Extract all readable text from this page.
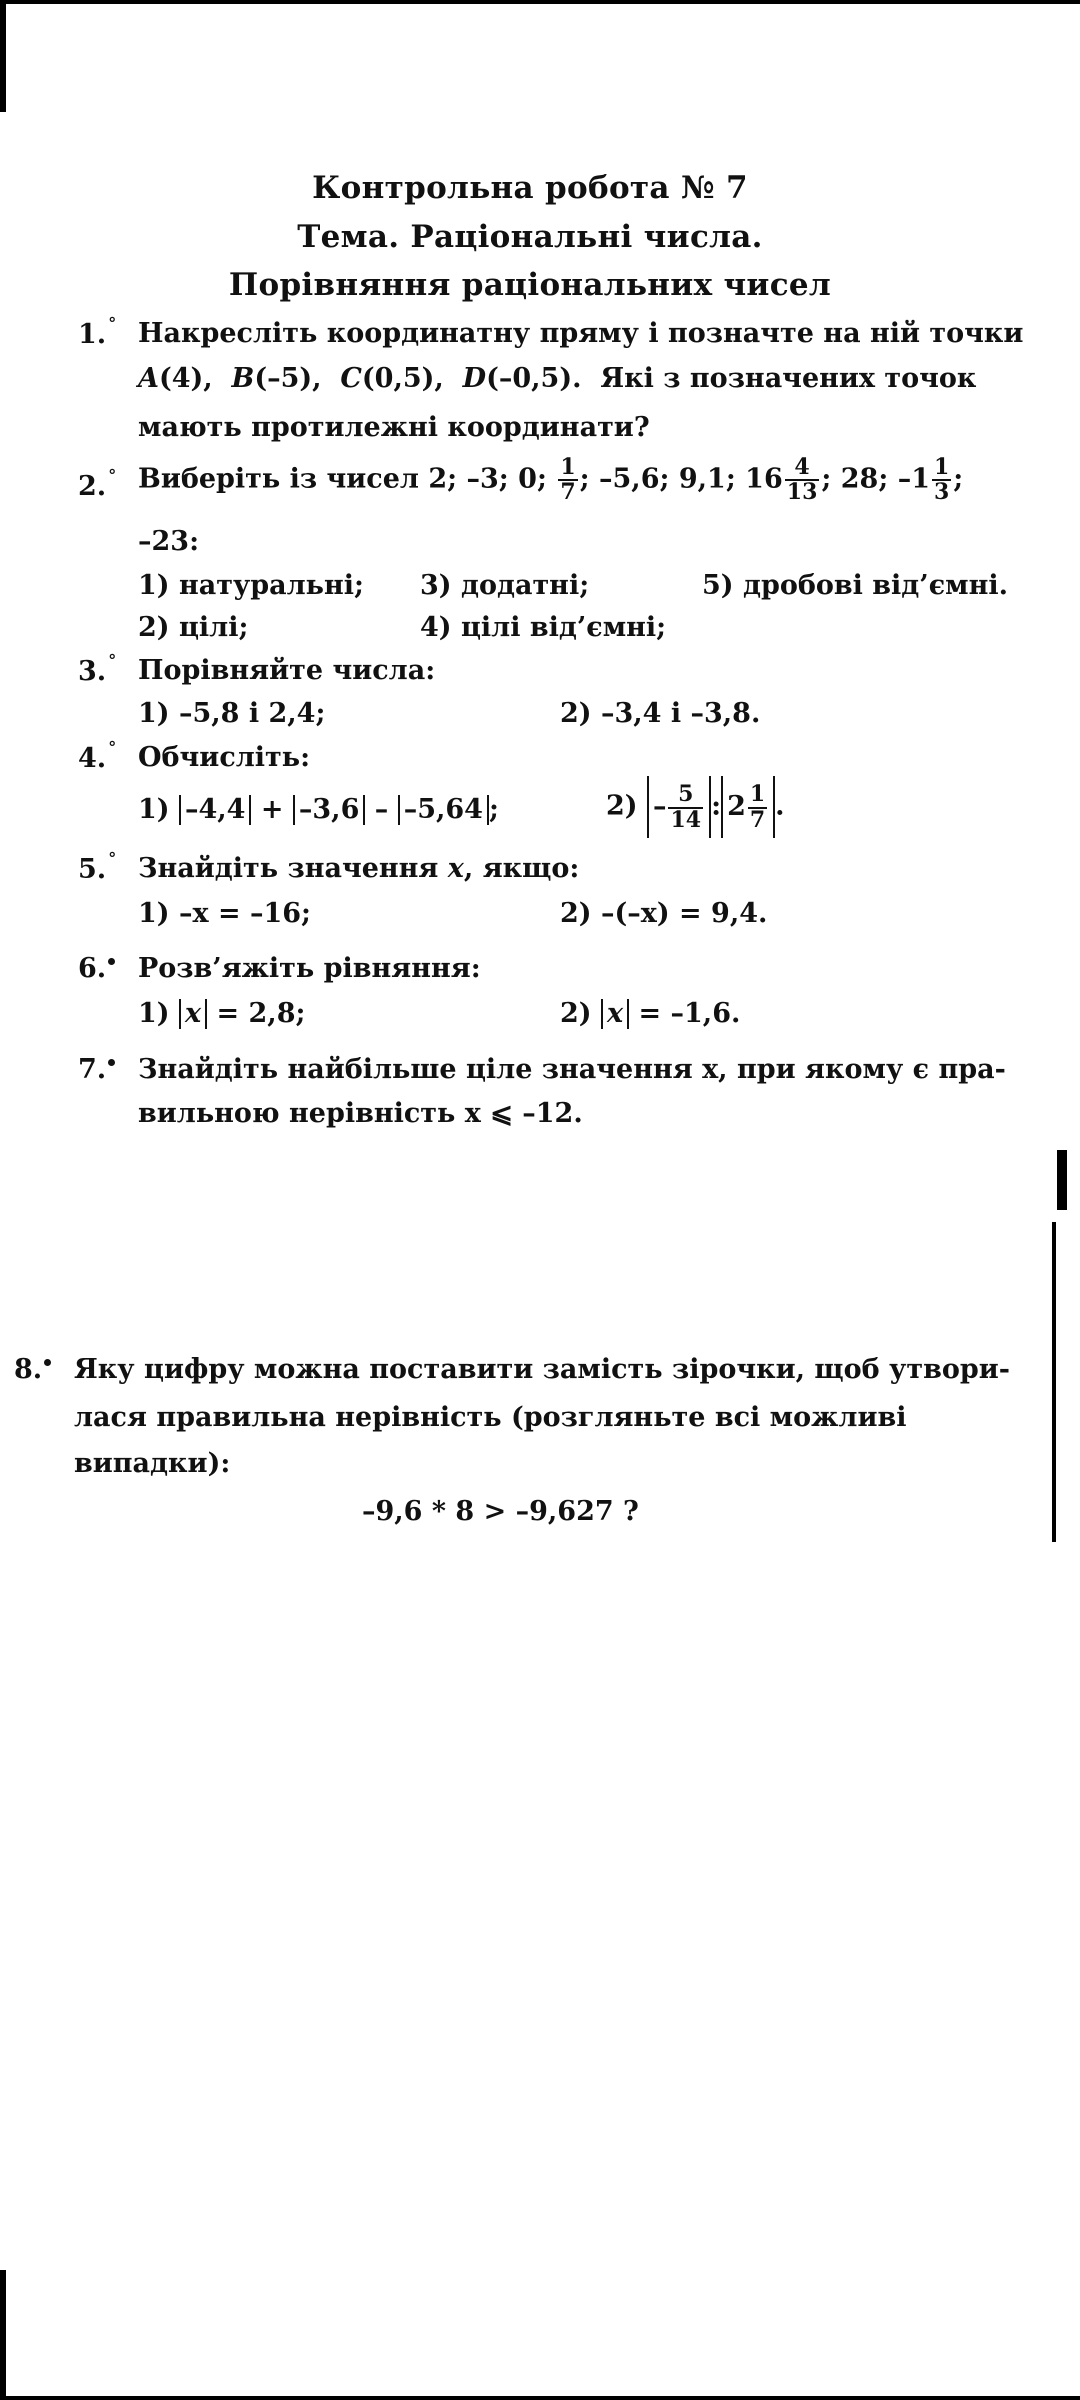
Контрольна робота № 7
Тема. Раціональні числа.
Порівняння раціональних чисел
1. ° Накресліть координатну пряму і позначте на ній точки
A(4), B(–5), C(0,5), D(–0,5). Які з позначених точок
мають протилежні координати?
2. ° Виберіть із чисел 2; –3; 0; $\frac{1}{7}$ ; –5,6; 9,1; $16 \frac{4}{13}$ ; 28; $-1 \frac{1}{3}$ ;
–23:
1) натуральні; 3) додатні;	5) дробові від’ємні.
2) цілі;	4) цілі від’ємні;
3. ° Порівняйте числа:
1) –5,8 і 2,4;	2) –3,4 і –3,8.
4. ° Обчисліть:
1) –4,4 + –3,6 – –5,64 ;	$2) - \frac{5}{14}$ : $2 \frac{1}{7}$ .
5. ° Знайдіть значення x, якщо:
1) –x = –16;	2) –(–x) = 9,4.
6.	Розв’яжіть рівняння:
1) x = 2,8;	2) x = –1,6.
7.	Знайдіть найбільше ціле значення x, при якому є пра-
вильною нерівність x ⩽ –12.
8.	Яку цифру можна поставити замість зірочки, щоб утвори-
лася правильна нерівність (розгляньте всі можливі
випадки):
–9,6 * 8 > –9,627 ?
